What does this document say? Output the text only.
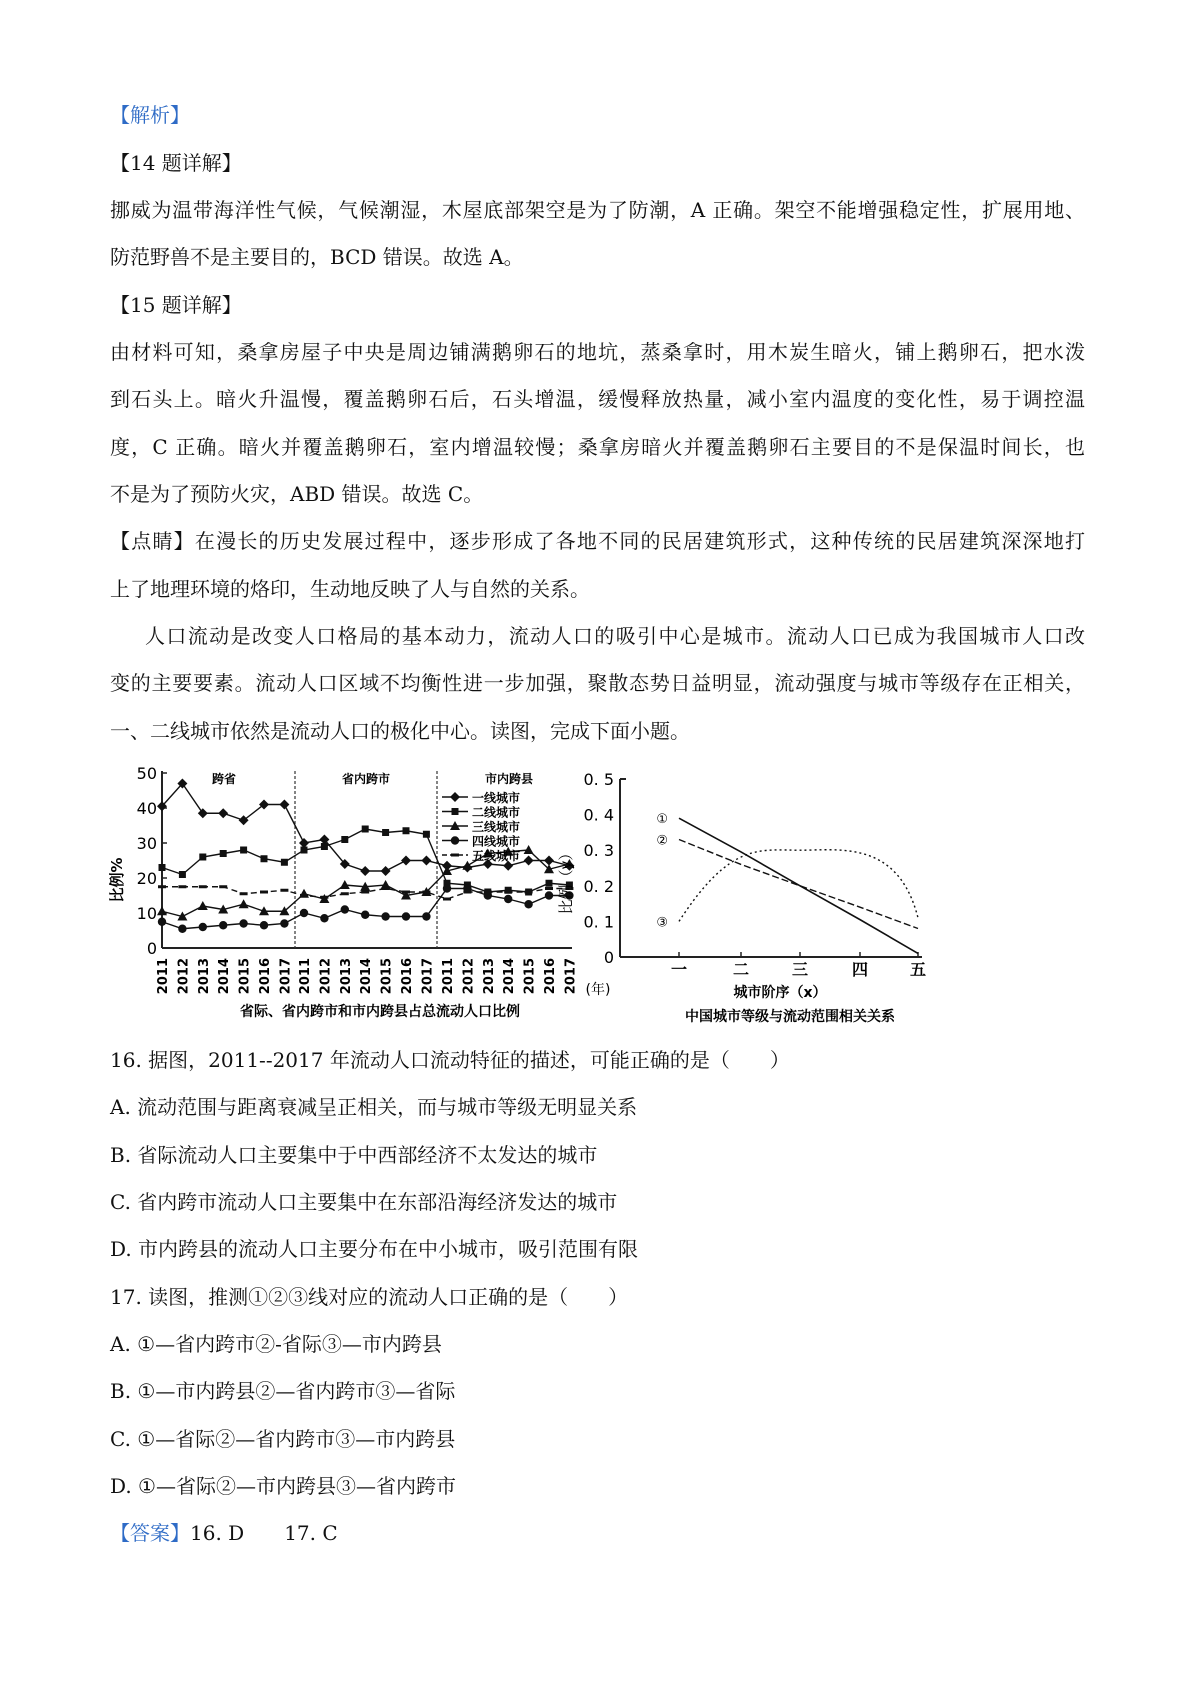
【解析】
【14 题详解】
挪威为温带海洋性气候，气候潮湿，木屋底部架空是为了防潮，A 正确。架空不能增强稳定性，扩展用地、
防范野兽不是主要目的，BCD 错误。故选 A。
【15 题详解】
由材料可知，桑拿房屋子中央是周边铺满鹅卵石的地坑，蒸桑拿时，用木炭生暗火，铺上鹅卵石，把水泼
到石头上。暗火升温慢，覆盖鹅卵石后，石头增温，缓慢释放热量，减小室内温度的变化性，易于调控温
度，C 正确。暗火并覆盖鹅卵石，室内增温较慢；桑拿房暗火并覆盖鹅卵石主要目的不是保温时间长，也
不是为了预防火灾，ABD 错误。故选 C。
【点睛】在漫长的历史发展过程中，逐步形成了各地不同的民居建筑形式，这种传统的民居建筑深深地打
上了地理环境的烙印，生动地反映了人与自然的关系。
人口流动是改变人口格局的基本动力，流动人口的吸引中心是城市。流动人口已成为我国城市人口改
变的主要要素。流动人口区域不均衡性进一步加强，聚散态势日益明显，流动强度与城市等级存在正相关，
一、二线城市依然是流动人口的极化中心。读图，完成下面小题。
0
10
20
30
40
50	跨省	省内跨市	市内跨县
比例%
2011 2012 2013 2014 2015 2016 2017 2011 2012 2013 2014 2015 2016 2017 2011 2012 2013 2014 2015 2016 2017 (年)
省际、省内跨市和市内跨县占总流动人口比例
一线城市
二线城市
三线城市
四线城市
五线城市
0
0. 1
0. 2
0. 3
0. 4
0. 5
比例（y）
一	二	三	四	五
城市阶序（x）
中国城市等级与流动范围相关关系
①
②
③
16. 据图，2011--2017 年流动人口流动特征的描述，可能正确的是（　　）
A. 流动范围与距离衰减呈正相关，而与城市等级无明显关系
B. 省际流动人口主要集中于中西部经济不太发达的城市
C. 省内跨市流动人口主要集中在东部沿海经济发达的城市
D. 市内跨县的流动人口主要分布在中小城市，吸引范围有限
17. 读图，推测①②③线对应的流动人口正确的是（　　）
A. ①—省内跨市②-省际③—市内跨县
B. ①—市内跨县②—省内跨市③—省际
C. ①—省际②—省内跨市③—市内跨县
D. ①—省际②—市内跨县③—省内跨市
【答案】16. D　　17. C
